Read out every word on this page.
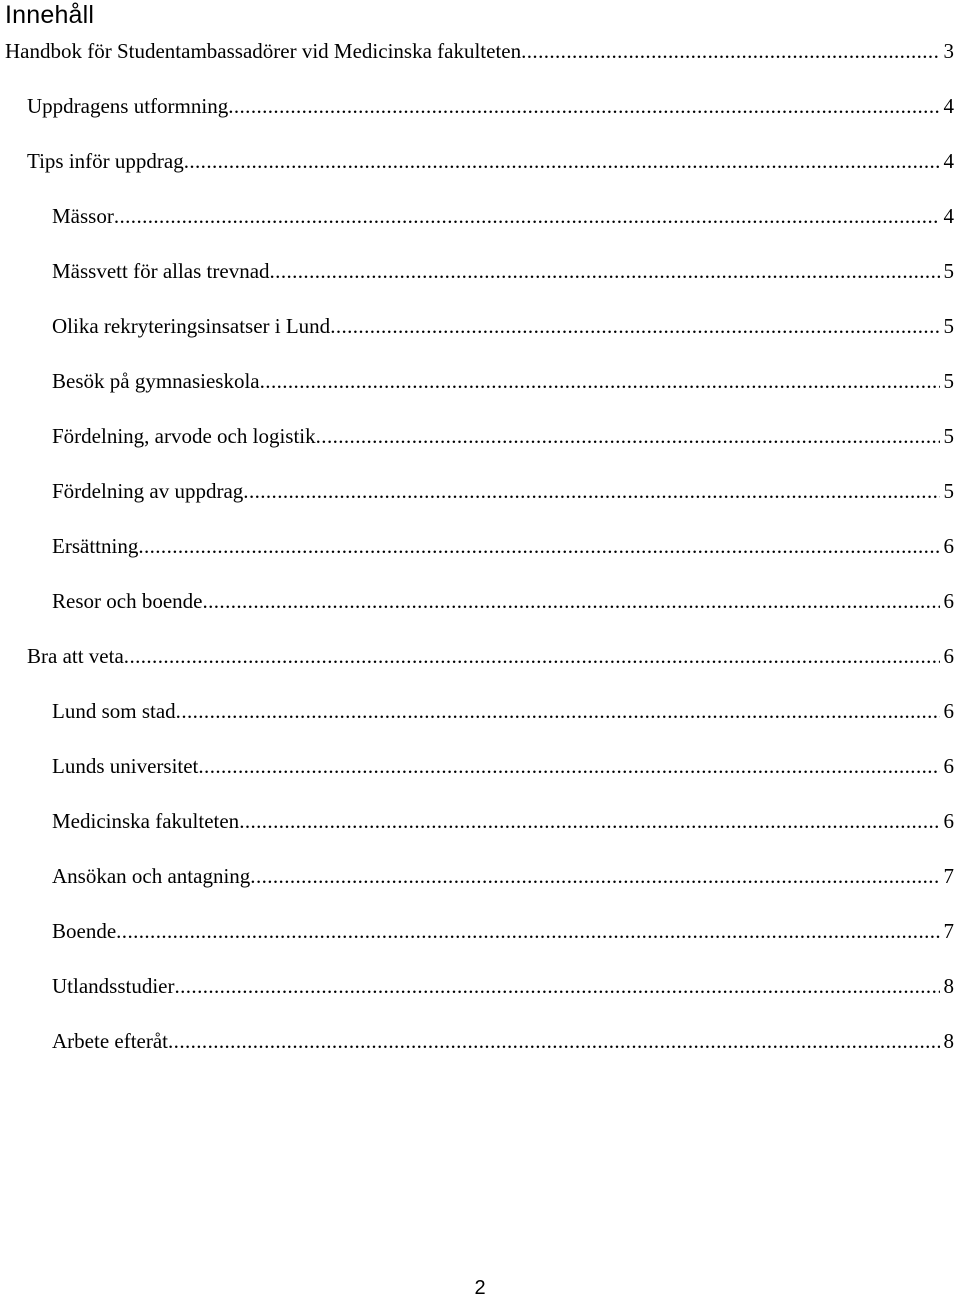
Innehåll
Handbok för Studentambassadörer vid Medicinska fakulteten .....	3
Uppdragens utformning .....	4
Tips inför uppdrag .....	4
Mässor .....	4
Mässvett för allas trevnad .....	5
Olika rekryteringsinsatser i Lund .....	5
Besök på gymnasieskola .....	5
Fördelning, arvode och logistik .....	5
Fördelning av uppdrag .....	5
Ersättning .....	6
Resor och boende .....	6
Bra att veta .....	6
Lund som stad .....	6
Lunds universitet .....	6
Medicinska fakulteten .....	6
Ansökan och antagning .....	7
Boende .....	7
Utlandsstudier .....	8
Arbete efteråt .....	8
2
